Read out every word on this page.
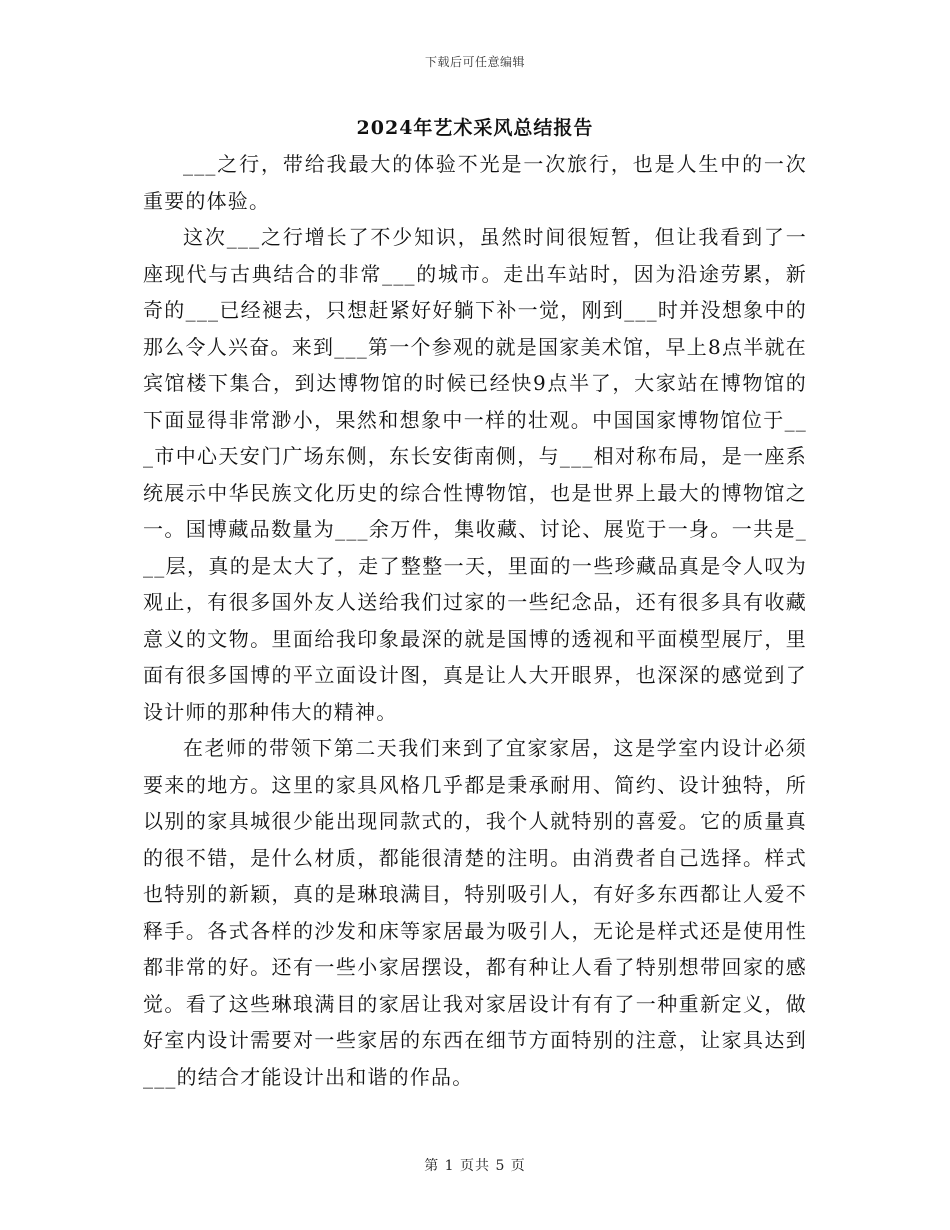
下载后可任意编辑
2024年艺术采风总结报告

___之行，带给我最大的体验不光是一次旅行，也是人生中的一次重要的体验。

这次___之行增长了不少知识，虽然时间很短暂，但让我看到了一座现代与古典结合的非常___的城市。走出车站时，因为沿途劳累，新奇的___已经褪去，只想赶紧好好躺下补一觉，刚到___时并没想象中的那么令人兴奋。来到___第一个参观的就是国家美术馆，早上8点半就在宾馆楼下集合，到达博物馆的时候已经快9点半了，大家站在博物馆的下面显得非常渺小，果然和想象中一样的壮观。中国国家博物馆位于___市中心天安门广场东侧，东长安街南侧，与___相对称布局，是一座系统展示中华民族文化历史的综合性博物馆，也是世界上最大的博物馆之一。国博藏品数量为___余万件，集收藏、讨论、展览于一身。一共是___层，真的是太大了，走了整整一天，里面的一些珍藏品真是令人叹为观止，有很多国外友人送给我们过家的一些纪念品，还有很多具有收藏意义的文物。里面给我印象最深的就是国博的透视和平面模型展厅，里面有很多国博的平立面设计图，真是让人大开眼界，也深深的感觉到了设计师的那种伟大的精神。

在老师的带领下第二天我们来到了宜家家居，这是学室内设计必须要来的地方。这里的家具风格几乎都是秉承耐用、简约、设计独特，所以别的家具城很少能出现同款式的，我个人就特别的喜爱。它的质量真的很不错，是什么材质，都能很清楚的注明。由消费者自己选择。样式也特别的新颖，真的是琳琅满目，特别吸引人，有好多东西都让人爱不释手。各式各样的沙发和床等家居最为吸引人，无论是样式还是使用性都非常的好。还有一些小家居摆设，都有种让人看了特别想带回家的感觉。看了这些琳琅满目的家居让我对家居设计有有了一种重新定义，做好室内设计需要对一些家居的东西在细节方面特别的注意，让家具达到___的结合才能设计出和谐的作品。

第 1 页共 5 页
